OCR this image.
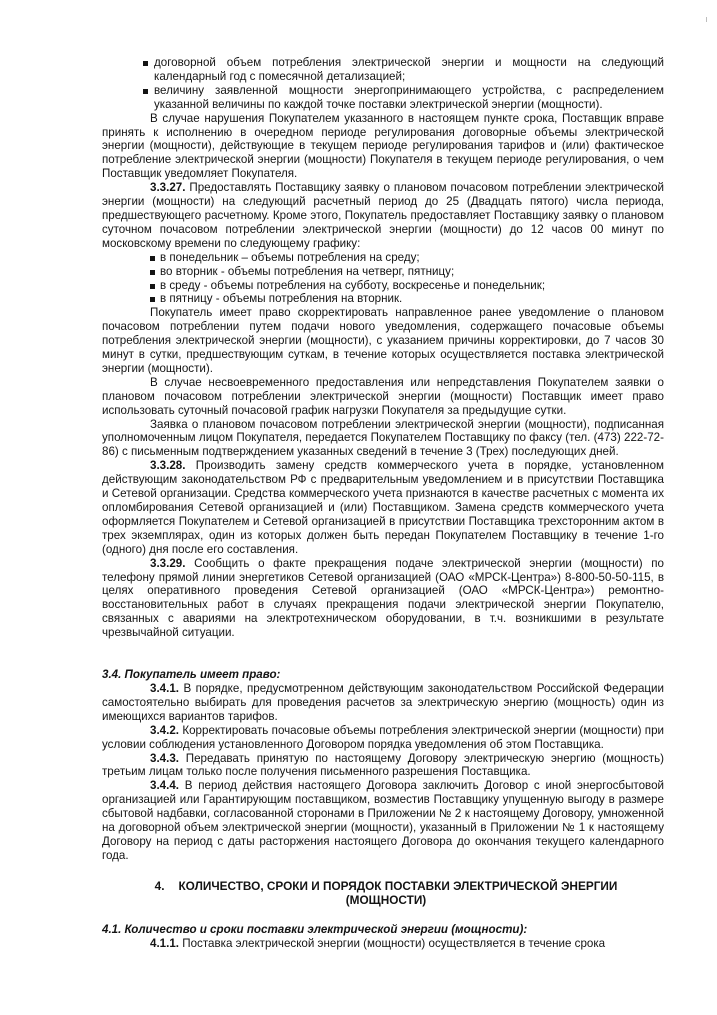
договорной объем потребления электрической энергии и мощности на следующий календарный год с помесячной детализацией;
величину заявленной мощности энергопринимающего устройства, с распределением указанной величины по каждой точке поставки электрической энергии (мощности).

В случае нарушения Покупателем указанного в настоящем пункте срока, Поставщик вправе принять к исполнению в очередном периоде регулирования договорные объемы электрической энергии (мощности), действующие в текущем периоде регулирования тарифов и (или) фактическое потребление электрической энергии (мощности) Покупателя в текущем периоде регулирования, о чем Поставщик уведомляет Покупателя.

3.3.27. Предоставлять Поставщику заявку о плановом почасовом потреблении электрической энергии (мощности) на следующий расчетный период до 25 (Двадцать пятого) числа периода, предшествующего расчетному. Кроме этого, Покупатель предоставляет Поставщику заявку о плановом суточном почасовом потреблении электрической энергии (мощности) до 12 часов 00 минут по московскому времени по следующему графику:

в понедельник – объемы потребления на среду;
во вторник - объемы потребления на четверг, пятницу;
в среду - объемы потребления на субботу, воскресенье и понедельник;
в пятницу - объемы потребления на вторник.

Покупатель имеет право скорректировать направленное ранее уведомление о плановом почасовом потреблении путем подачи нового уведомления, содержащего почасовые объемы потребления электрической энергии (мощности), с указанием причины корректировки, до 7 часов 30 минут в сутки, предшествующим суткам, в течение которых осуществляется поставка электрической энергии (мощности).

В случае несвоевременного предоставления или непредставления Покупателем заявки о плановом почасовом потреблении электрической энергии (мощности) Поставщик имеет право использовать суточный почасовой график нагрузки Покупателя за предыдущие сутки.

Заявка о плановом почасовом потреблении электрической энергии (мощности), подписанная уполномоченным лицом Покупателя, передается Покупателем Поставщику по факсу (тел. (473) 222-72-86) с письменным подтверждением указанных сведений в течение 3 (Трех) последующих дней.

3.3.28. Производить замену средств коммерческого учета в порядке, установленном действующим законодательством РФ с предварительным уведомлением и в присутствии Поставщика и Сетевой организации. Средства коммерческого учета признаются в качестве расчетных с момента их опломбирования Сетевой организацией и (или) Поставщиком. Замена средств коммерческого учета оформляется Покупателем и Сетевой организацией в присутствии Поставщика трехсторонним актом в трех экземплярах, один из которых должен быть передан Покупателем Поставщику в течение 1-го (одного) дня после его составления.

3.3.29. Сообщить о факте прекращения подаче электрической энергии (мощности) по телефону прямой линии энергетиков Сетевой организацией (ОАО «МРСК-Центра») 8-800-50-50-115, в целях оперативного проведения Сетевой организацией (ОАО «МРСК-Центра») ремонтно-восстановительных работ в случаях прекращения подачи электрической энергии Покупателю, связанных с авариями на электротехническом оборудовании, в т.ч. возникшими в результате чрезвычайной ситуации.

3.4. Покупатель имеет право:

3.4.1. В порядке, предусмотренном действующим законодательством Российской Федерации самостоятельно выбирать для проведения расчетов за электрическую энергию (мощность) один из имеющихся вариантов тарифов.

3.4.2. Корректировать почасовые объемы потребления электрической энергии (мощности) при условии соблюдения установленного Договором порядка уведомления об этом Поставщика.

3.4.3. Передавать принятую по настоящему Договору электрическую энергию (мощность) третьим лицам только после получения письменного разрешения Поставщика.

3.4.4. В период действия настоящего Договора заключить Договор с иной энергосбытовой организацией или Гарантирующим поставщиком, возместив Поставщику упущенную выгоду в размере сбытовой надбавки, согласованной сторонами в Приложении № 2 к настоящему Договору, умноженной на договорной объем электрической энергии (мощности), указанный в Приложении № 1 к настоящему Договору на период с даты расторжения настоящего Договора до окончания текущего календарного года.

4. КОЛИЧЕСТВО, СРОКИ И ПОРЯДОК ПОСТАВКИ ЭЛЕКТРИЧЕСКОЙ ЭНЕРГИИ
(МОЩНОСТИ)

4.1. Количество и сроки поставки электрической энергии (мощности):

4.1.1. Поставка электрической энергии (мощности) осуществляется в течение срока
